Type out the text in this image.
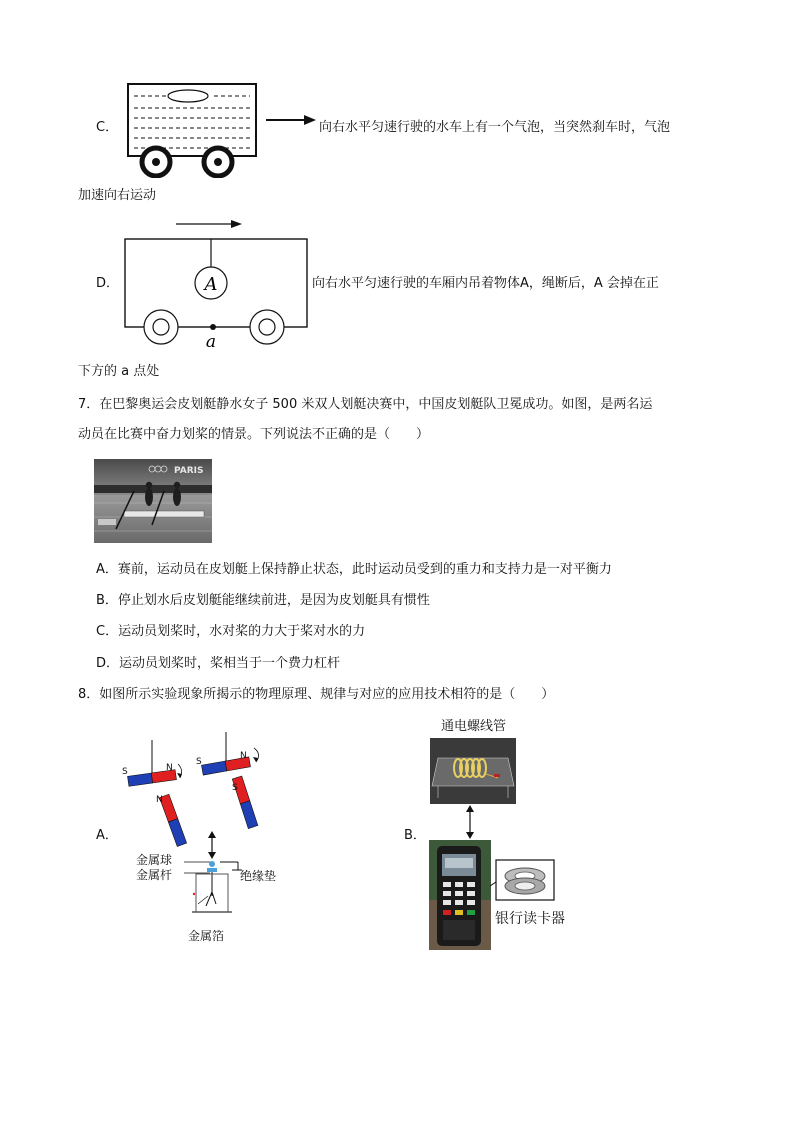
C．	向右水平匀速行驶的水车上有一个气泡，当突然刹车时，气泡
加速向右运动
A
a
D．	向右水平匀速行驶的车厢内吊着物体A，绳断后，A 会掉在正
下方的 a 点处
7．在巴黎奥运会皮划艇静水女子 500 米双人划艇决赛中，中国皮划艇队卫冕成功。如图，是两名运
动员在比赛中奋力划桨的情景。下列说法不正确的是（　　）
PARIS
A．赛前，运动员在皮划艇上保持静止状态，此时运动员受到的重力和支持力是一对平衡力
B．停止划水后皮划艇能继续前进，是因为皮划艇具有惯性
C．运动员划桨时，水对桨的力大于桨对水的力
D．运动员划桨时，桨相当于一个费力杠杆
8．如图所示实验现象所揭示的物理原理、规律与对应的应用技术相符的是（　　）
A．
S	N
N
S
N
S
金属球
金属杆	绝缘垫
金属箔
B．
通电螺线管
银行读卡器
